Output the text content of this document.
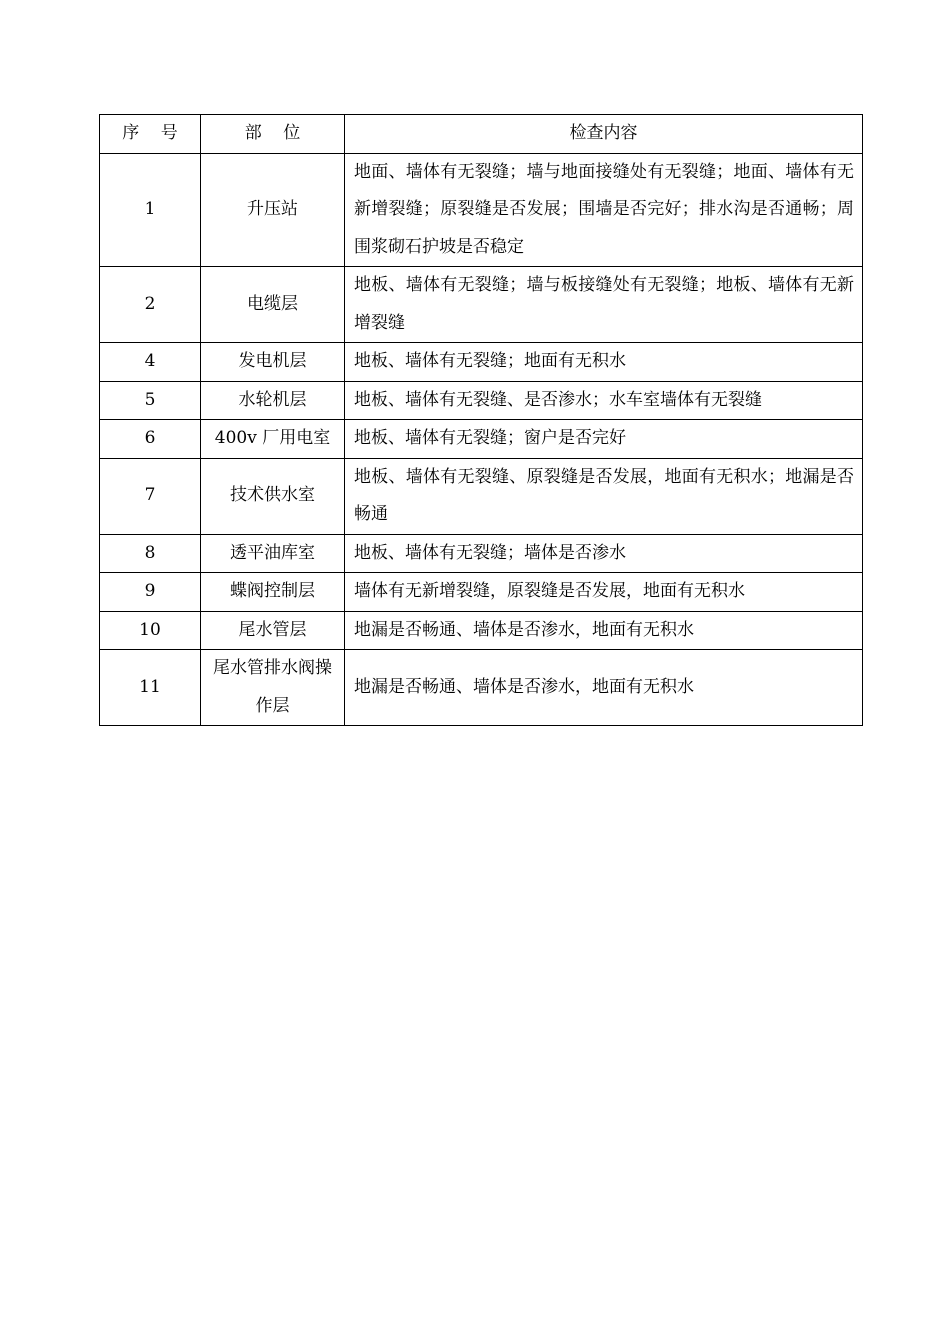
序    号	部    位	检查内容
1	升压站	地面、墙体有无裂缝；墙与地面接缝处有无裂缝；地面、墙体有无新增裂缝；原裂缝是否发展；围墙是否完好；排水沟是否通畅；周围浆砌石护坡是否稳定
2	电缆层	地板、墙体有无裂缝；墙与板接缝处有无裂缝；地板、墙体有无新增裂缝
4	发电机层	地板、墙体有无裂缝；地面有无积水
5	水轮机层	地板、墙体有无裂缝、是否渗水；水车室墙体有无裂缝
6	400v 厂用电室	地板、墙体有无裂缝；窗户是否完好
7	技术供水室	地板、墙体有无裂缝、原裂缝是否发展，地面有无积水；地漏是否畅通
8	透平油库室	地板、墙体有无裂缝；墙体是否渗水
9	蝶阀控制层	墙体有无新增裂缝，原裂缝是否发展，地面有无积水
10	尾水管层	地漏是否畅通、墙体是否渗水，地面有无积水
11	尾水管排水阀操作层	地漏是否畅通、墙体是否渗水，地面有无积水
